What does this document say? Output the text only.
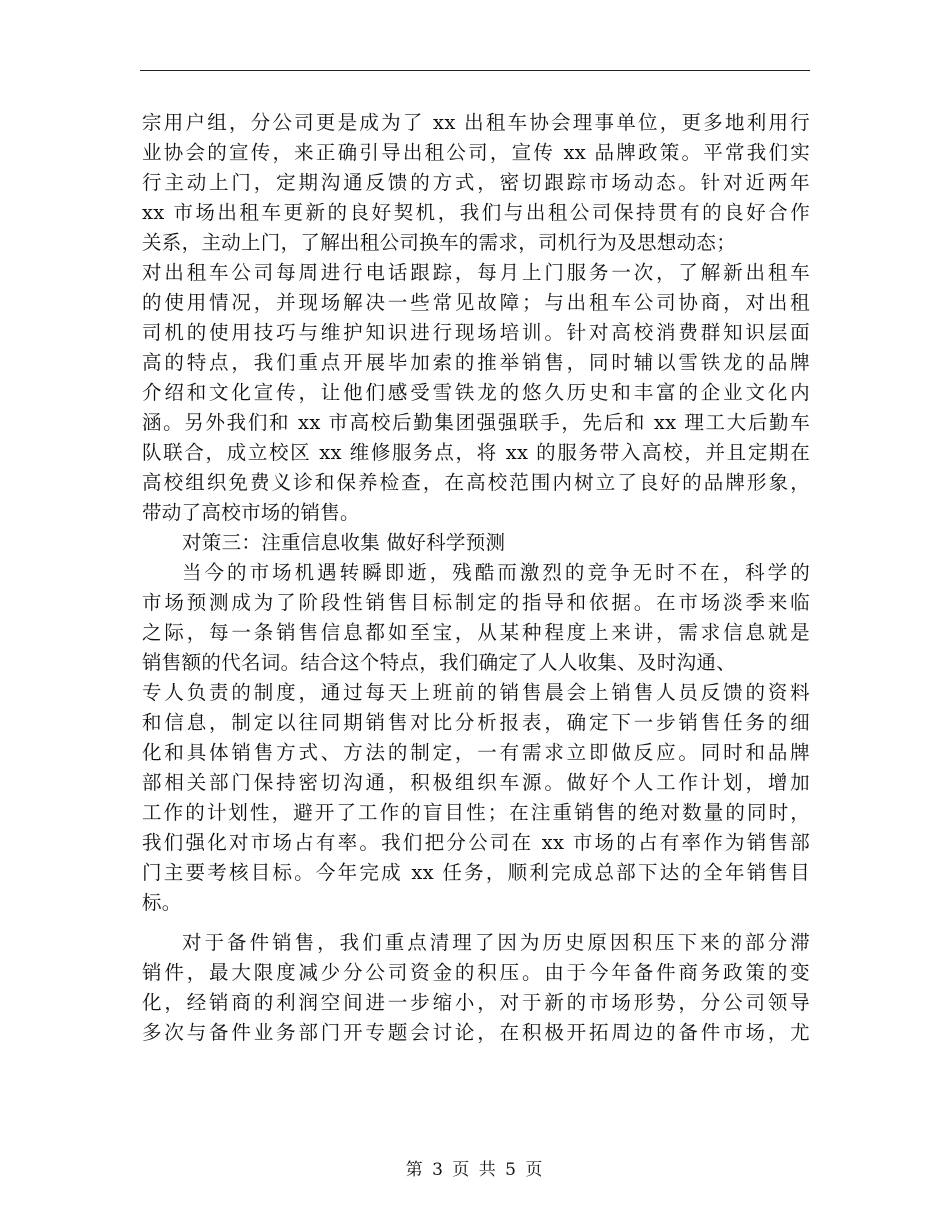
宗用户组，分公司更是成为了 xx 出租车协会理事单位，更多地利用行
业协会的宣传，来正确引导出租公司，宣传 xx 品牌政策。平常我们实
行主动上门，定期沟通反馈的方式，密切跟踪市场动态。针对近两年
xx 市场出租车更新的良好契机，我们与出租公司保持贯有的良好合作
关系，主动上门，了解出租公司换车的需求，司机行为及思想动态；
对出租车公司每周进行电话跟踪，每月上门服务一次，了解新出租车
的使用情况，并现场解决一些常见故障；与出租车公司协商，对出租
司机的使用技巧与维护知识进行现场培训。针对高校消费群知识层面
高的特点，我们重点开展毕加索的推举销售，同时辅以雪铁龙的品牌
介绍和文化宣传，让他们感受雪铁龙的悠久历史和丰富的企业文化内
涵。另外我们和 xx 市高校后勤集团强强联手，先后和 xx 理工大后勤车
队联合，成立校区 xx 维修服务点，将 xx 的服务带入高校，并且定期在
高校组织免费义诊和保养检查，在高校范围内树立了良好的品牌形象，
带动了高校市场的销售。
对策三：注重信息收集 做好科学预测
当今的市场机遇转瞬即逝，残酷而激烈的竞争无时不在，科学的
市场预测成为了阶段性销售目标制定的指导和依据。在市场淡季来临
之际，每一条销售信息都如至宝，从某种程度上来讲，需求信息就是
销售额的代名词。结合这个特点，我们确定了人人收集、及时沟通、
专人负责的制度，通过每天上班前的销售晨会上销售人员反馈的资料
和信息，制定以往同期销售对比分析报表，确定下一步销售任务的细
化和具体销售方式、方法的制定，一有需求立即做反应。同时和品牌
部相关部门保持密切沟通，积极组织车源。做好个人工作计划，增加
工作的计划性，避开了工作的盲目性；在注重销售的绝对数量的同时，
我们强化对市场占有率。我们把分公司在 xx 市场的占有率作为销售部
门主要考核目标。今年完成 xx 任务，顺利完成总部下达的全年销售目
标。
对于备件销售，我们重点清理了因为历史原因积压下来的部分滞
销件，最大限度减少分公司资金的积压。由于今年备件商务政策的变
化，经销商的利润空间进一步缩小，对于新的市场形势，分公司领导
多次与备件业务部门开专题会讨论，在积极开拓周边的备件市场，尤
第 3 页 共 5 页
